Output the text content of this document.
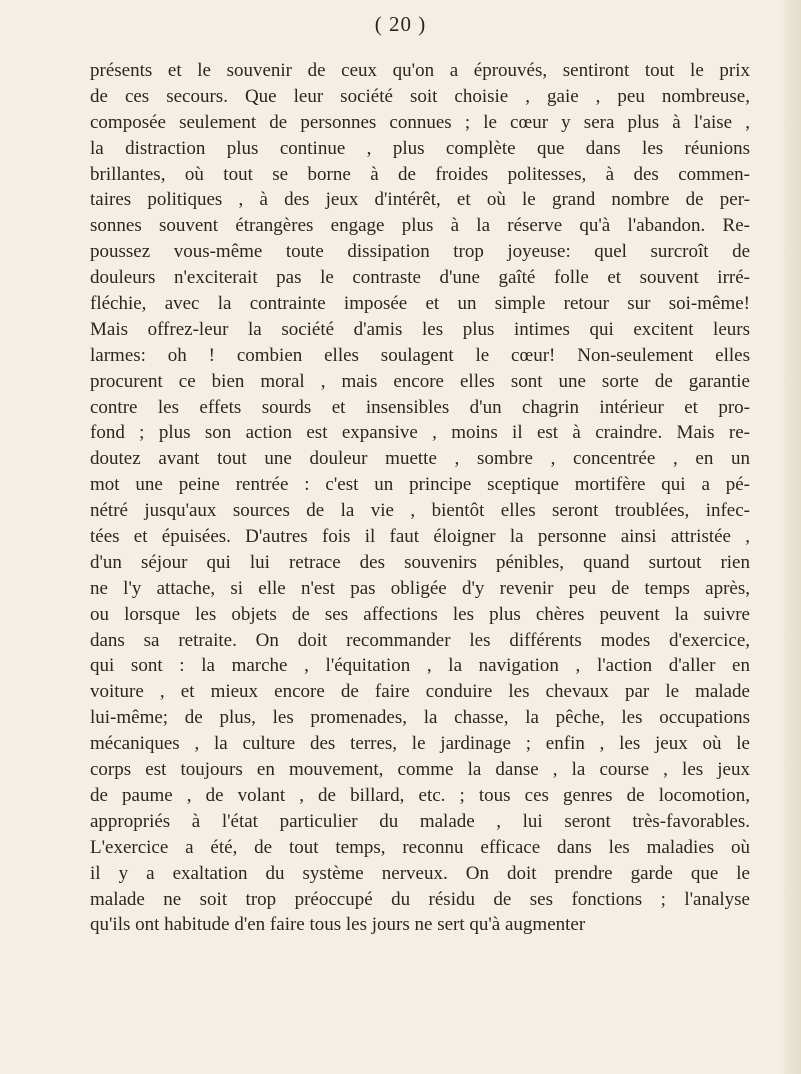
( 20 )
présents et le souvenir de ceux qu'on a éprouvés, sentiront tout le prix
de ces secours. Que leur société soit choisie , gaie , peu nombreuse,
composée seulement de personnes connues ; le cœur y sera plus à l'aise ,
la distraction plus continue , plus complète que dans les réunions
brillantes, où tout se borne à de froides politesses, à des commen-
taires politiques , à des jeux d'intérêt, et où le grand nombre de per-
sonnes souvent étrangères engage plus à la réserve qu'à l'abandon. Re-
poussez vous-même toute dissipation trop joyeuse: quel surcroît de
douleurs n'exciterait pas le contraste d'une gaîté folle et souvent irré-
fléchie, avec la contrainte imposée et un simple retour sur soi-même!
Mais offrez-leur la société d'amis les plus intimes qui excitent leurs
larmes: oh ! combien elles soulagent le cœur! Non-seulement elles
procurent ce bien moral , mais encore elles sont une sorte de garantie
contre les effets sourds et insensibles d'un chagrin intérieur et pro-
fond ; plus son action est expansive , moins il est à craindre. Mais re-
doutez avant tout une douleur muette , sombre , concentrée , en un
mot une peine rentrée : c'est un principe sceptique mortifère qui a pé-
nétré jusqu'aux sources de la vie , bientôt elles seront troublées, infec-
tées et épuisées. D'autres fois il faut éloigner la personne ainsi attristée ,
d'un séjour qui lui retrace des souvenirs pénibles, quand surtout rien
ne l'y attache, si elle n'est pas obligée d'y revenir peu de temps après,
ou lorsque les objets de ses affections les plus chères peuvent la suivre
dans sa retraite. On doit recommander les différents modes d'exercice,
qui sont : la marche , l'équitation , la navigation , l'action d'aller en
voiture , et mieux encore de faire conduire les chevaux par le malade
lui-même; de plus, les promenades, la chasse, la pêche, les occupations
mécaniques , la culture des terres, le jardinage ; enfin , les jeux où le
corps est toujours en mouvement, comme la danse , la course , les jeux
de paume , de volant , de billard, etc. ; tous ces genres de locomotion,
appropriés à l'état particulier du malade , lui seront très-favorables.
L'exercice a été, de tout temps, reconnu efficace dans les maladies où
il y a exaltation du système nerveux. On doit prendre garde que le
malade ne soit trop préoccupé du résidu de ses fonctions ; l'analyse
qu'ils ont habitude d'en faire tous les jours ne sert qu'à augmenter
